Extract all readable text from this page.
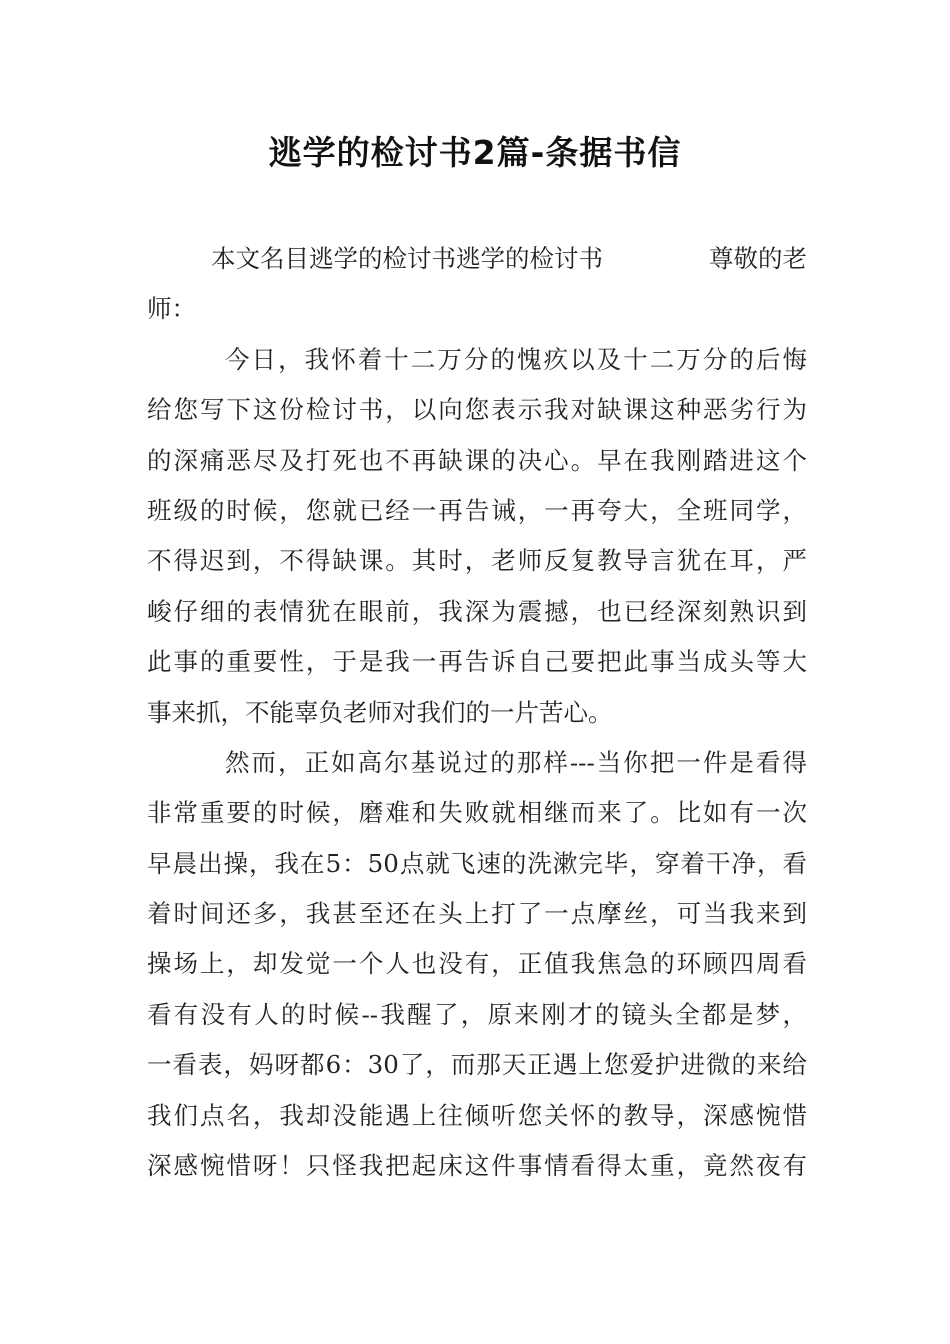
逃学的检讨书2篇-条据书信
本文名目逃学的检讨书逃学的检讨书	尊敬的老
师：
今日，我怀着十二万分的愧疚以及十二万分的后悔
给您写下这份检讨书，以向您表示我对缺课这种恶劣行为
的深痛恶尽及打死也不再缺课的决心。早在我刚踏进这个
班级的时候，您就已经一再告诫，一再夸大，全班同学，
不得迟到，不得缺课。其时，老师反复教导言犹在耳，严
峻仔细的表情犹在眼前，我深为震撼，也已经深刻熟识到
此事的重要性，于是我一再告诉自己要把此事当成头等大
事来抓，不能辜负老师对我们的一片苦心。
然而，正如高尔基说过的那样---当你把一件是看得
非常重要的时候，磨难和失败就相继而来了。比如有一次
早晨出操，我在5：50点就飞速的洗漱完毕，穿着干净，看
着时间还多，我甚至还在头上打了一点摩丝，可当我来到
操场上，却发觉一个人也没有，正值我焦急的环顾四周看
看有没有人的时候--我醒了，原来刚才的镜头全都是梦，
一看表，妈呀都6：30了，而那天正遇上您爱护进微的来给
我们点名，我却没能遇上往倾听您关怀的教导，深感惋惜
深感惋惜呀！只怪我把起床这件事情看得太重，竟然夜有
